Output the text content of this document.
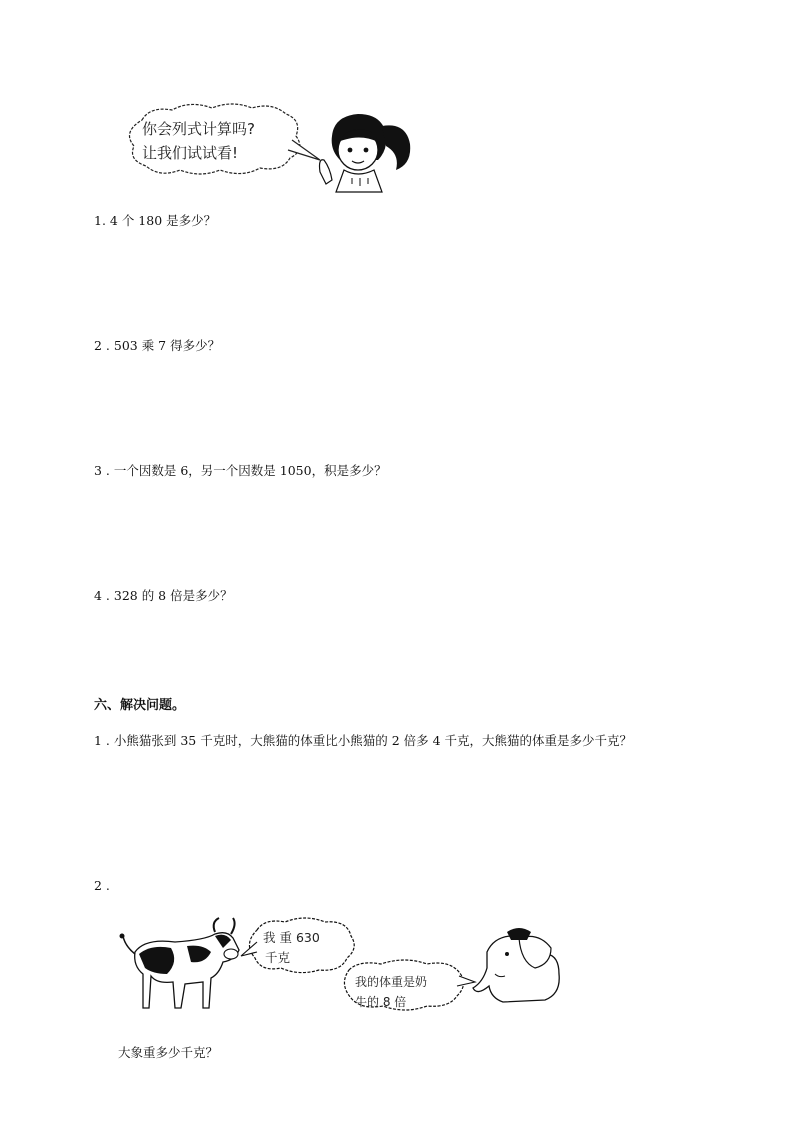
你会列式计算吗?
让我们试试看!
1. 4 个 180 是多少？
2 . 503 乘 7 得多少？
3 . 一个因数是 6，另一个因数是 1050，积是多少？
4 . 328 的 8 倍是多少？
六、解决问题。
1 . 小熊猫张到 35 千克时，大熊猫的体重比小熊猫的 2 倍多 4 千克，大熊猫的体重是多少千克？
2 .
我 重 630
千克
我的体重是奶
牛的 8 倍
大象重多少千克？
